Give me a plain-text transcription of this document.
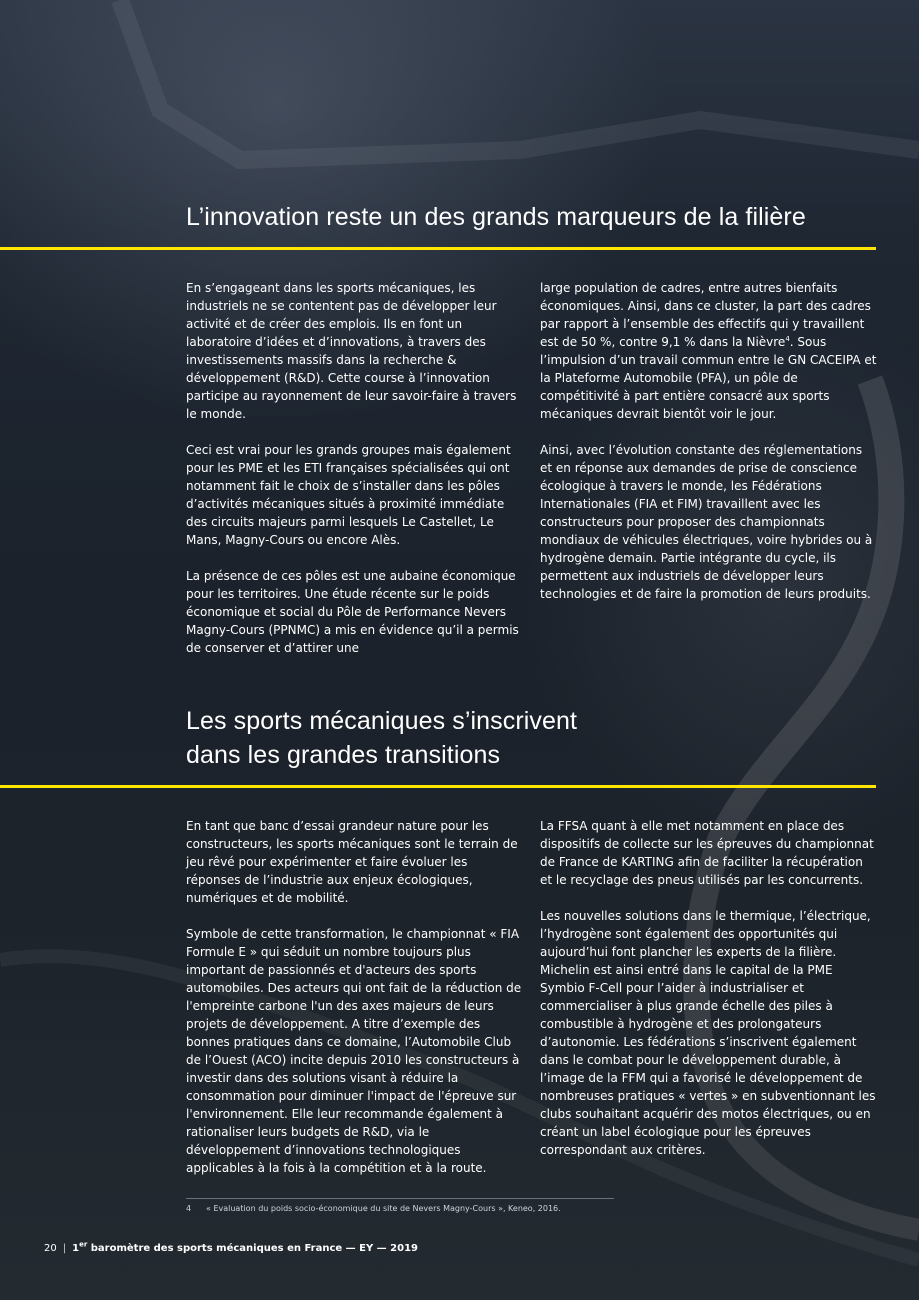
L’innovation reste un des grands marqueurs de la filière

En s’engageant dans les sports mécaniques, les industriels ne se contentent pas de développer leur activité et de créer des emplois. Ils en font un laboratoire d’idées et d’innovations, à travers des investissements massifs dans la recherche & développement (R&D). Cette course à l’innovation participe au rayonnement de leur savoir-faire à travers le monde.

Ceci est vrai pour les grands groupes mais également pour les PME et les ETI françaises spécialisées qui ont notamment fait le choix de s’installer dans les pôles d’activités mécaniques situés à proximité immédiate des circuits majeurs parmi lesquels Le Castellet, Le Mans, Magny-Cours ou encore Alès.

La présence de ces pôles est une aubaine économique pour les territoires. Une étude récente sur le poids économique et social du Pôle de Performance Nevers Magny-Cours (PPNMC) a mis en évidence qu’il a permis de conserver et d’attirer une

large population de cadres, entre autres bienfaits économiques. Ainsi, dans ce cluster, la part des cadres par rapport à l’ensemble des effectifs qui y travaillent est de 50 %, contre 9,1 % dans la Nièvre$^4$. Sous l’impulsion d’un travail commun entre le GN CACEIPA et la Plateforme Automobile (PFA), un pôle de compétitivité à part entière consacré aux sports mécaniques devrait bientôt voir le jour.

Ainsi, avec l’évolution constante des réglementations et en réponse aux demandes de prise de conscience écologique à travers le monde, les Fédérations Internationales (FIA et FIM) travaillent avec les constructeurs pour proposer des championnats mondiaux de véhicules électriques, voire hybrides ou à hydrogène demain. Partie intégrante du cycle, ils permettent aux industriels de développer leurs technologies et de faire la promotion de leurs produits.

Les sports mécaniques s’inscrivent
dans les grandes transitions

En tant que banc d’essai grandeur nature pour les constructeurs, les sports mécaniques sont le terrain de jeu rêvé pour expérimenter et faire évoluer les réponses de l’industrie aux enjeux écologiques, numériques et de mobilité.

Symbole de cette transformation, le championnat « FIA Formule E » qui séduit un nombre toujours plus important de passionnés et d'acteurs des sports automobiles. Des acteurs qui ont fait de la réduction de l'empreinte carbone l'un des axes majeurs de leurs projets de développement. A titre d’exemple des bonnes pratiques dans ce domaine, l’Automobile Club de l’Ouest (ACO) incite depuis 2010 les constructeurs à investir dans des solutions visant à réduire la consommation pour diminuer l'impact de l'épreuve sur l'environnement. Elle leur recommande également à rationaliser leurs budgets de R&D, via le développement d’innovations technologiques applicables à la fois à la compétition et à la route.

La FFSA quant à elle met notamment en place des dispositifs de collecte sur les épreuves du championnat de France de KARTING afin de faciliter la récupération et le recyclage des pneus utilisés par les concurrents.

Les nouvelles solutions dans le thermique, l’électrique, l’hydrogène sont également des opportunités qui aujourd’hui font plancher les experts de la filière. Michelin est ainsi entré dans le capital de la PME Symbio F-Cell pour l’aider à industrialiser et commercialiser à plus grande échelle des piles à combustible à hydrogène et des prolongateurs d’autonomie. Les fédérations s’inscrivent également dans le combat pour le développement durable, à l’image de la FFM qui a favorisé le développement de nombreuses pratiques « vertes » en subventionnant les clubs souhaitant acquérir des motos électriques, ou en créant un label écologique pour les épreuves correspondant aux critères.

4 « Evaluation du poids socio-économique du site de Nevers Magny-Cours », Keneo, 2016.
20 | 1er baromètre des sports mécaniques en France — EY — 2019
